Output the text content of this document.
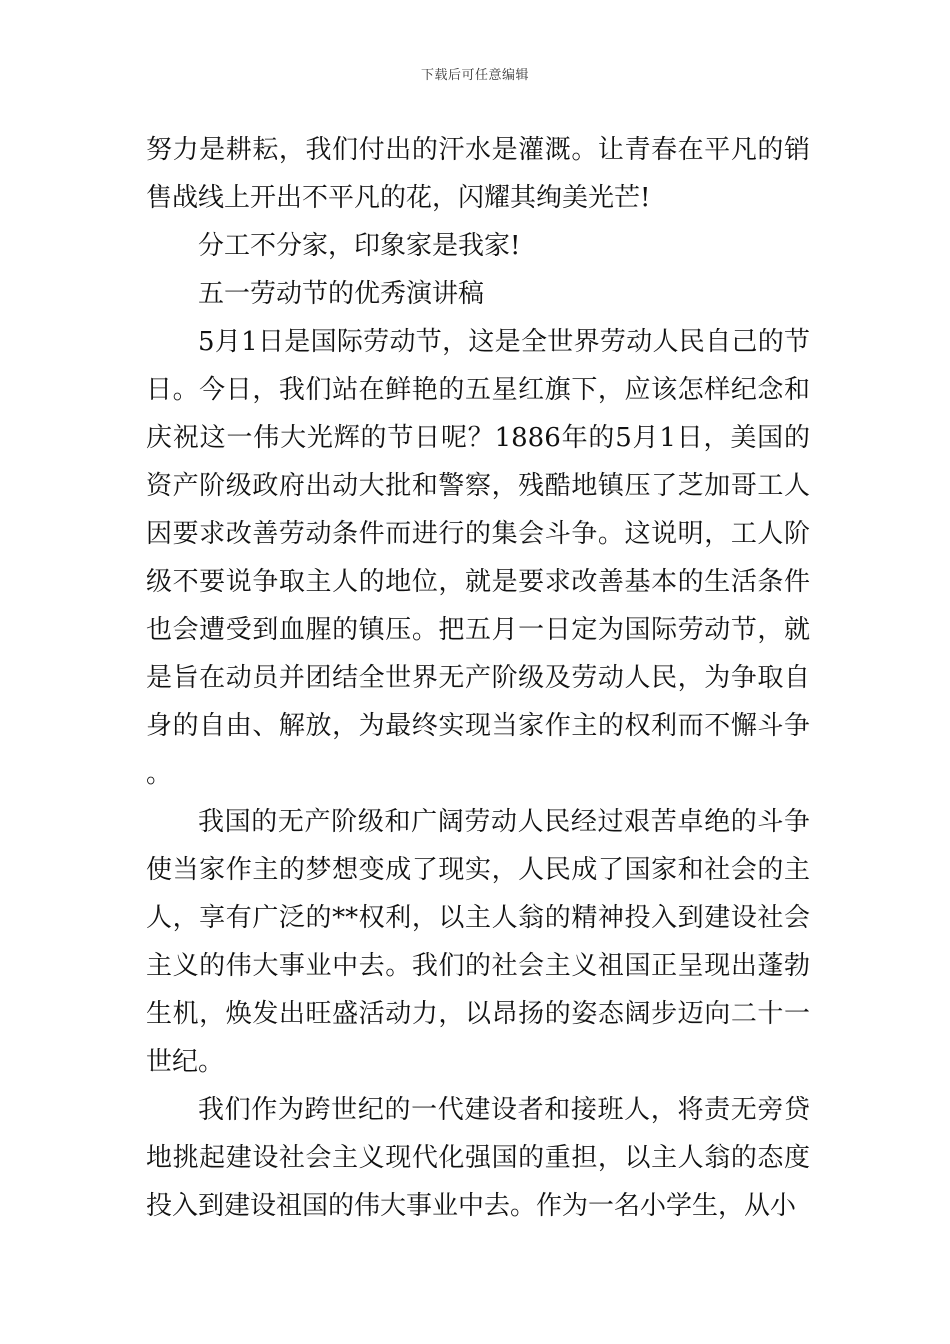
下载后可任意编辑

努力是耕耘，我们付出的汗水是灌溉。让青春在平凡的销售战线上开出不平凡的花，闪耀其绚美光芒!

分工不分家，印象家是我家!

五一劳动节的优秀演讲稿

5月1日是国际劳动节，这是全世界劳动人民自己的节日。今日，我们站在鲜艳的五星红旗下，应该怎样纪念和庆祝这一伟大光辉的节日呢？1886年的5月1日，美国的资产阶级政府出动大批和警察，残酷地镇压了芝加哥工人因要求改善劳动条件而进行的集会斗争。这说明，工人阶级不要说争取主人的地位，就是要求改善基本的生活条件也会遭受到血腥的镇压。把五月一日定为国际劳动节，就是旨在动员并团结全世界无产阶级及劳动人民，为争取自身的自由、解放，为最终实现当家作主的权利而不懈斗争。

我国的无产阶级和广阔劳动人民经过艰苦卓绝的斗争使当家作主的梦想变成了现实，人民成了国家和社会的主人，享有广泛的**权利，以主人翁的精神投入到建设社会主义的伟大事业中去。我们的社会主义祖国正呈现出蓬勃生机，焕发出旺盛活动力，以昂扬的姿态阔步迈向二十一世纪。

我们作为跨世纪的一代建设者和接班人，将责无旁贷地挑起建设社会主义现代化强国的重担，以主人翁的态度投入到建设祖国的伟大事业中去。作为一名小学生，从小
